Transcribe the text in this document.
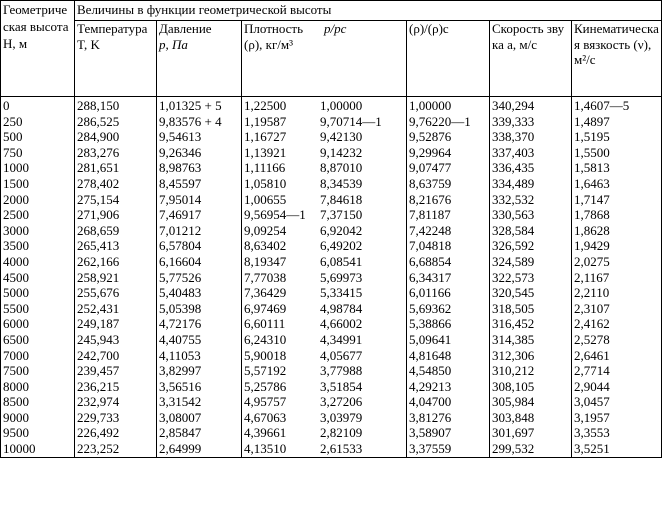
Геометрическая высота H, м	Величины в функции геометрической высоты					
	Температура T, K	Давление
p, Па	Плотность (ρ), кг/м³p/pc	(ρ)/(ρ)c	Скорость звука a, м/с	Кинематическая вязкость (ν), м²/с
0	288,150	1,01325 + 5	1,22500 1,00000	1,00000	340,294	1,4607—5
250	286,525	9,83576 + 4	1,19587 9,70714—1	9,76220—1	339,333	1,4897
500	284,900	9,54613	1,16727 9,42130	9,52876	338,370	1,5195
750	283,276	9,26346	1,13921 9,14232	9,29964	337,403	1,5500
1000	281,651	8,98763	1,11166 8,87010	9,07477	336,435	1,5813
1500	278,402	8,45597	1,05810 8,34539	8,63759	334,489	1,6463
2000	275,154	7,95014	1,00655 7,84618	8,21676	332,532	1,7147
2500	271,906	7,46917	9,56954—1 7,37150	7,81187	330,563	1,7868
3000	268,659	7,01212	9,09254 6,92042	7,42248	328,584	1,8628
3500	265,413	6,57804	8,63402 6,49202	7,04818	326,592	1,9429
4000	262,166	6,16604	8,19347 6,08541	6,68854	324,589	2,0275
4500	258,921	5,77526	7,77038 5,69973	6,34317	322,573	2,1167
5000	255,676	5,40483	7,36429 5,33415	6,01166	320,545	2,2110
5500	252,431	5,05398	6,97469 4,98784	5,69362	318,505	2,3107
6000	249,187	4,72176	6,60111 4,66002	5,38866	316,452	2,4162
6500	245,943	4,40755	6,24310 4,34991	5,09641	314,385	2,5278
7000	242,700	4,11053	5,90018 4,05677	4,81648	312,306	2,6461
7500	239,457	3,82997	5,57192 3,77988	4,54850	310,212	2,7714
8000	236,215	3,56516	5,25786 3,51854	4,29213	308,105	2,9044
8500	232,974	3,31542	4,95757 3,27206	4,04700	305,984	3,0457
9000	229,733	3,08007	4,67063 3,03979	3,81276	303,848	3,1957
9500	226,492	2,85847	4,39661 2,82109	3,58907	301,697	3,3553
10000	223,252	2,64999	4,13510 2,61533	3,37559	299,532	3,5251
